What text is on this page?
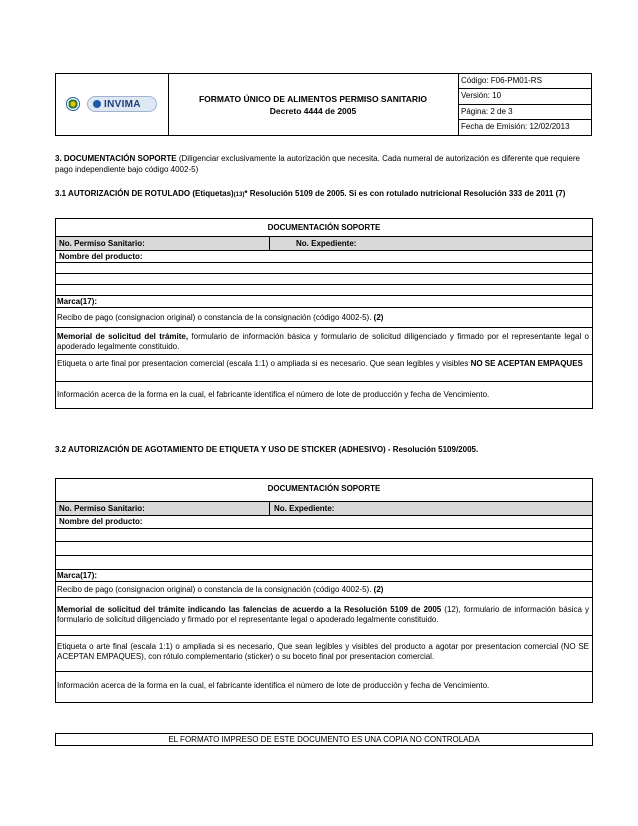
INVIMA
FORMATO ÚNICO DE ALIMENTOS PERMISO SANITARIO
Decreto 4444 de 2005
Código: F06-PM01-RS
Versión: 10
Página: 2 de 3
Fecha de Emisión: 12/02/2013
3. DOCUMENTACIÓN SOPORTE (Diligenciar exclusivamente la autorización que necesita. Cada numeral de autorización es diferente que requiere pago independiente bajo código 4002-5)
3.1 AUTORIZACIÓN DE ROTULADO (Etiquetas)(13)* Resolución 5109 de 2005. Si es con rotulado nutricional Resolución 333 de 2011 (7)
DOCUMENTACIÓN SOPORTE
No. Permiso Sanitario:	No. Expediente:
Nombre del producto:
Marca(17):
Recibo de pago (consignacion original) o constancia de la consignación (código 4002-5). (2)
Memorial de solicitud del trámite, formulario de información básica y formulario de solicitud diligenciado y firmado por el representante legal o apoderado legalmente constituido.
Etiqueta o arte final por presentacion comercial (escala 1:1) o ampliada si es necesario. Que sean legibles y visibles NO SE ACEPTAN EMPAQUES
Información acerca de la forma en la cual, el fabricante identifica el número de lote de producción y fecha de Vencimiento.
3.2 AUTORIZACIÓN DE AGOTAMIENTO DE ETIQUETA Y USO DE STICKER (ADHESIVO) - Resolución 5109/2005.
DOCUMENTACIÓN SOPORTE
No. Permiso Sanitario:	No. Expediente:
Nombre del producto:
Marca(17):
Recibo de pago (consignacion original) o constancia de la consignación (código 4002-5). (2)
Memorial de solicitud del trámite indicando las falencias de acuerdo a la Resolución 5109 de 2005 (12), formulario de información básica y formulario de solicitud diligenciado y firmado por el representante legal o apoderado legalmente constituido.
Etiqueta o arte final (escala 1:1) o ampliada si es necesario, Que sean legibles y visibles del producto a agotar por presentacion comercial (NO SE ACEPTAN EMPAQUES), con rótulo complementario (sticker) o su boceto final por presentacion comercial.
Información acerca de la forma en la cual, el fabricante identifica el número de lote de producción y fecha de Vencimiento.
EL FORMATO IMPRESO DE ESTE DOCUMENTO ES UNA COPIA NO CONTROLADA
